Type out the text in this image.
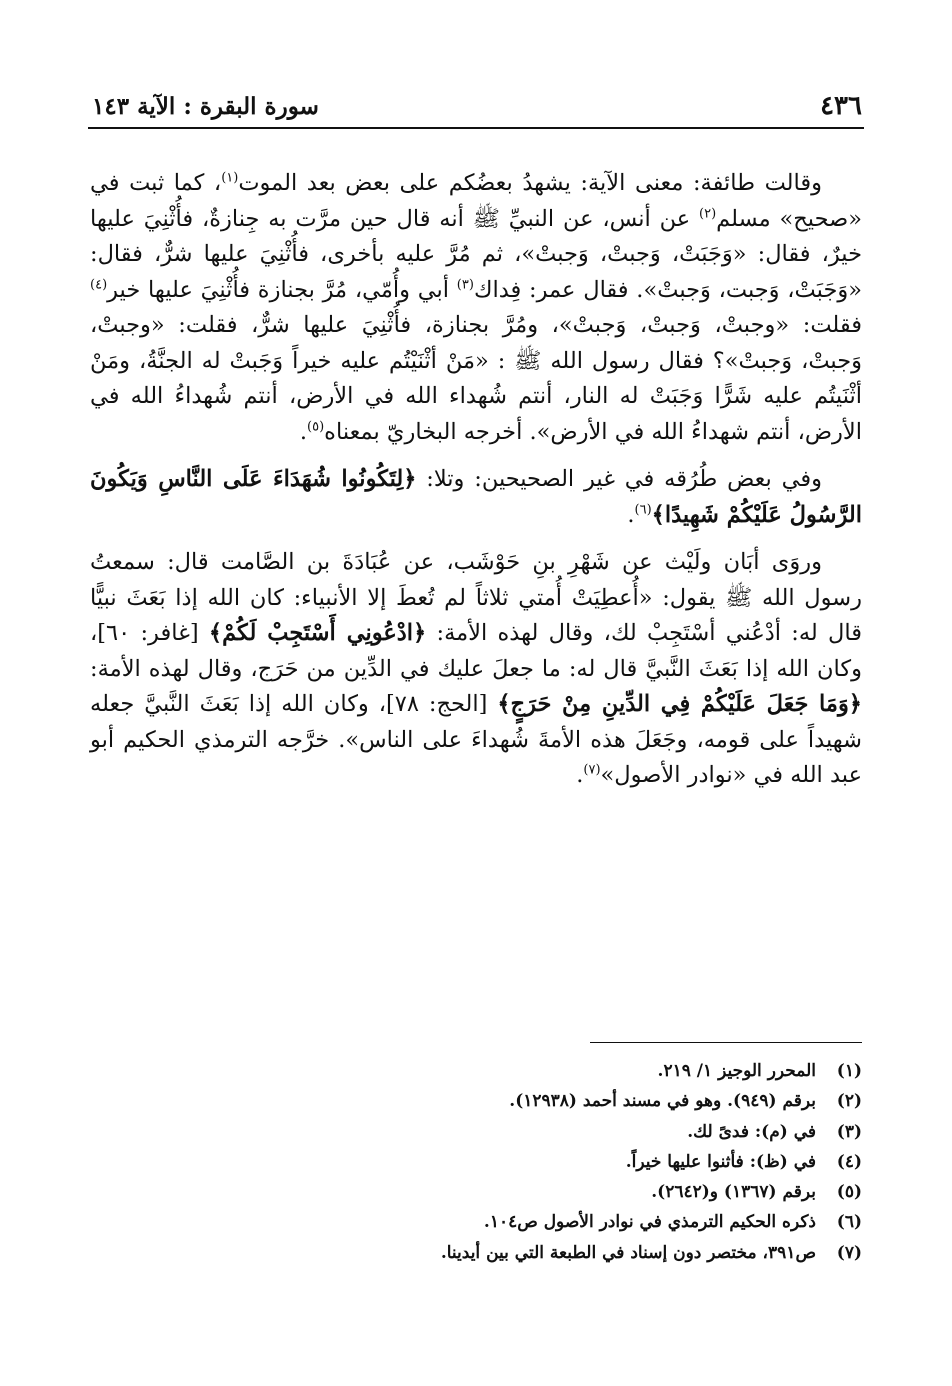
٤٣٦
سورة البقرة : الآية ١٤٣

وقالت طائفة: معنى الآية: يشهدُ بعضُكم على بعض بعد الموت$^{(١)}$، كما ثبت في «صحيح» مسلم$^{(٢)}$ عن أنس، عن النبيِّ ﷺ أنه قال حين مرَّت به جِنازةٌ، فأُثْنِيَ عليها خيرٌ، فقال: «وَجَبَتْ، وَجبتْ، وَجبتْ»، ثم مُرَّ عليه بأخرى، فأُثْنِيَ عليها شرٌّ، فقال: «وَجَبَتْ، وَجبت، وَجبتْ». فقال عمر: فِداك$^{(٣)}$ أبي وأُمّي، مُرَّ بجنازة فأُثْنِيَ عليها خير$^{(٤)}$ فقلت: «وجبتْ، وَجبتْ، وَجبتْ»، ومُرَّ بجنازة، فأُثْنِيَ عليها شرٌّ، فقلت: «وجبتْ، وَجبتْ، وَجبتْ»؟ فقال رسول الله ﷺ : «مَنْ أثْنَيْتُم عليه خيراً وَجَبتْ له الجنَّةُ، ومَنْ أثْنَيتُم عليه شَرًّا وَجَبَتْ له النار، أنتم شُهداء الله في الأرض، أنتم شُهداءُ الله في الأرض، أنتم شهداءُ الله في الأرض». أخرجه البخاريّ بمعناه$^{(٥)}$.

وفي بعض طُرُقه في غير الصحيحين: وتلا: ﴿لِتَكُونُوا شُهَدَاءَ عَلَى النَّاسِ وَيَكُونَ الرَّسُولُ عَلَيْكُمْ شَهِيدًا﴾$^{(٦)}$.

وروَى أبَان ولَيْث عن شَهْرِ بنِ حَوْشَب، عن عُبَادَةَ بن الصَّامت قال: سمعتُ رسول الله ﷺ يقول: «أُعطِيَتْ أُمتي ثلاثاً لم تُعطَ إلا الأنبياء: كان الله إذا بَعَثَ نبيًّا قال له: أدْعُني أسْتَجِبْ لك، وقال لهذه الأمة: ﴿ادْعُونِي أَسْتَجِبْ لَكُمْ﴾ [غافر: ٦٠]، وكان الله إذا بَعَثَ النَّبيَّ قال له: ما جعلَ عليك في الدِّين من حَرَج، وقال لهذه الأمة: ﴿وَمَا جَعَلَ عَلَيْكُمْ فِي الدِّينِ مِنْ حَرَجٍ﴾ [الحج: ٧٨]، وكان الله إذا بَعَثَ النَّبيَّ جعله شهيداً على قومه، وجَعَلَ هذه الأمةَ شُهداءَ على الناس». خرَّجه الترمذي الحكيم أبو عبد الله في «نوادر الأصول»$^{(٧)}$.

(١)
المحرر الوجيز ١/ ٢١٩.
(٢)
برقم (٩٤٩). وهو في مسند أحمد (١٢٩٣٨).
(٣)
في (م): فدىً لك.
(٤)
في (ظ): فأثنوا عليها خيراً.
(٥)
برقم (١٣٦٧) و(٢٦٤٢).
(٦)
ذكره الحكيم الترمذي في نوادر الأصول ص١٠٤.
(٧)
ص٣٩١، مختصر دون إسناد في الطبعة التي بين أيدينا.
